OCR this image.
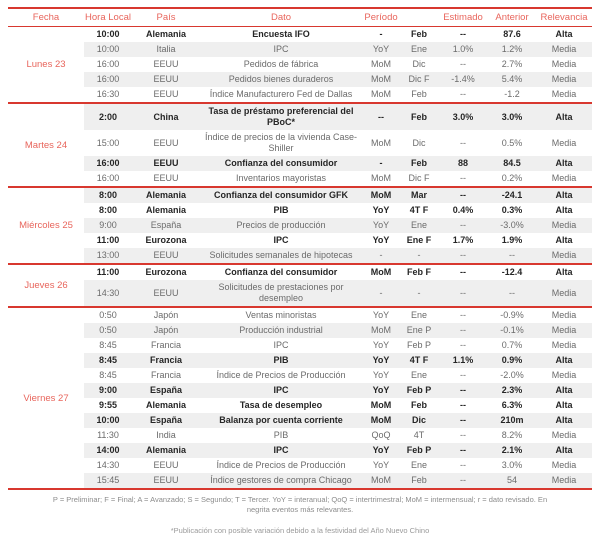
Fecha	Hora Local	País	Dato	Período		Estimado	Anterior	Relevancia
Lunes 23	10:00	Alemania	Encuesta IFO	-	Feb	--	87.6	Alta
	10:00	Italia	IPC	YoY	Ene	1.0%	1.2%	Media
	16:00	EEUU	Pedidos de fábrica	MoM	Dic	--	2.7%	Media
	16:00	EEUU	Pedidos bienes duraderos	MoM	Dic F	-1.4%	5.4%	Media
	16:30	EEUU	Índice Manufacturero Fed de Dallas	MoM	Feb	--	-1.2	Media
Martes 24	2:00	China	Tasa de préstamo preferencial del PBoC*	--	Feb	3.0%	3.0%	Alta
	15:00	EEUU	Índice de precios de la vivienda Case-Shiller	MoM	Dic	--	0.5%	Media
	16:00	EEUU	Confianza del consumidor	-	Feb	88	84.5	Alta
	16:00	EEUU	Inventarios mayoristas	MoM	Dic F	--	0.2%	Media
Miércoles 25	8:00	Alemania	Confianza del consumidor GFK	MoM	Mar	--	-24.1	Alta
	8:00	Alemania	PIB	YoY	4T F	0.4%	0.3%	Alta
	9:00	España	Precios de producción	YoY	Ene	--	-3.0%	Media
	11:00	Eurozona	IPC	YoY	Ene F	1.7%	1.9%	Alta
	13:00	EEUU	Solicitudes semanales de hipotecas	-	-	--	--	Media
Jueves 26	11:00	Eurozona	Confianza del consumidor	MoM	Feb F	--	-12.4	Alta
	14:30	EEUU	Solicitudes de prestaciones por desempleo	-	-	--	--	Media
Viernes 27	0:50	Japón	Ventas minoristas	YoY	Ene	--	-0.9%	Media
	0:50	Japón	Producción industrial	MoM	Ene P	--	-0.1%	Media
	8:45	Francia	IPC	YoY	Feb P	--	0.7%	Media
	8:45	Francia	PIB	YoY	4T F	1.1%	0.9%	Alta
	8:45	Francia	Índice de Precios de Producción	YoY	Ene	--	-2.0%	Media
	9:00	España	IPC	YoY	Feb P	--	2.3%	Alta
	9:55	Alemania	Tasa de desempleo	MoM	Feb	--	6.3%	Alta
	10:00	España	Balanza por cuenta corriente	MoM	Dic	--	210m	Alta
	11:30	India	PIB	QoQ	4T	--	8.2%	Media
	14:00	Alemania	IPC	YoY	Feb P	--	2.1%	Alta
	14:30	EEUU	Índice de Precios de Producción	YoY	Ene	--	3.0%	Media
	15:45	EEUU	Índice gestores de compra Chicago	MoM	Feb	--	54	Media
P = Preliminar; F = Final; A = Avanzado; S = Segundo; T = Tercer. YoY = interanual; QoQ = intertrimestral; MoM = intermensual; r = dato revisado. En negrita eventos más relevantes.
*Publicación con posible variación debido a la festividad del Año Nuevo Chino
